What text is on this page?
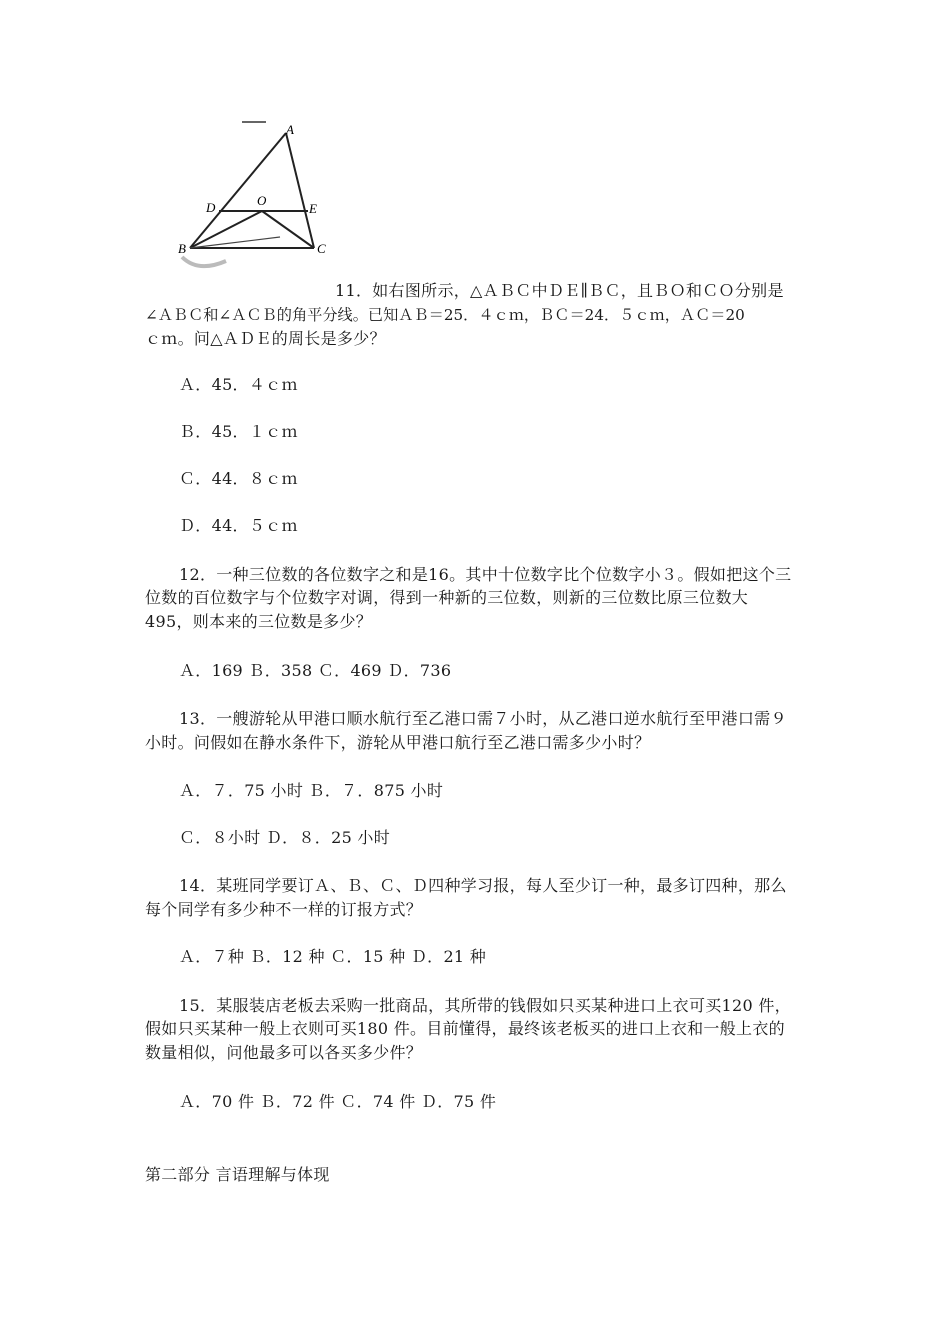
A
D	O
E
B	C
11．如右图所示，△ＡＢＣ中ＤＥ∥ＢＣ，且ＢＯ和ＣＯ分别是
∠ＡＢＣ和∠ＡＣＢ的角平分线。已知ＡＢ＝25．４ｃｍ，ＢＣ＝24．５ｃｍ，ＡＣ＝20
ｃｍ。问△ＡＤＥ的周长是多少？
Ａ．45．４ｃｍ
Ｂ．45．１ｃｍ
Ｃ．44．８ｃｍ
Ｄ．44．５ｃｍ
12．一种三位数的各位数字之和是16。其中十位数字比个位数字小３。假如把这个三
位数的百位数字与个位数字对调，得到一种新的三位数，则新的三位数比原三位数大
495，则本来的三位数是多少？
Ａ．169 Ｂ．358 Ｃ．469 Ｄ．736
13．一艘游轮从甲港口顺水航行至乙港口需７小时，从乙港口逆水航行至甲港口需９
小时。问假如在静水条件下，游轮从甲港口航行至乙港口需多少小时？
Ａ．７．75 小时 Ｂ．７．875 小时
Ｃ．８小时 Ｄ．８．25 小时
14．某班同学要订Ａ、Ｂ、Ｃ、Ｄ四种学习报，每人至少订一种，最多订四种，那么
每个同学有多少种不一样的订报方式？
Ａ．７种 Ｂ．12 种 Ｃ．15 种 Ｄ．21 种
15．某服装店老板去采购一批商品，其所带的钱假如只买某种进口上衣可买120 件，
假如只买某种一般上衣则可买180 件。目前懂得，最终该老板买的进口上衣和一般上衣的
数量相似，问他最多可以各买多少件？
Ａ．70 件 Ｂ．72 件 Ｃ．74 件 Ｄ．75 件
第二部分 言语理解与体现
